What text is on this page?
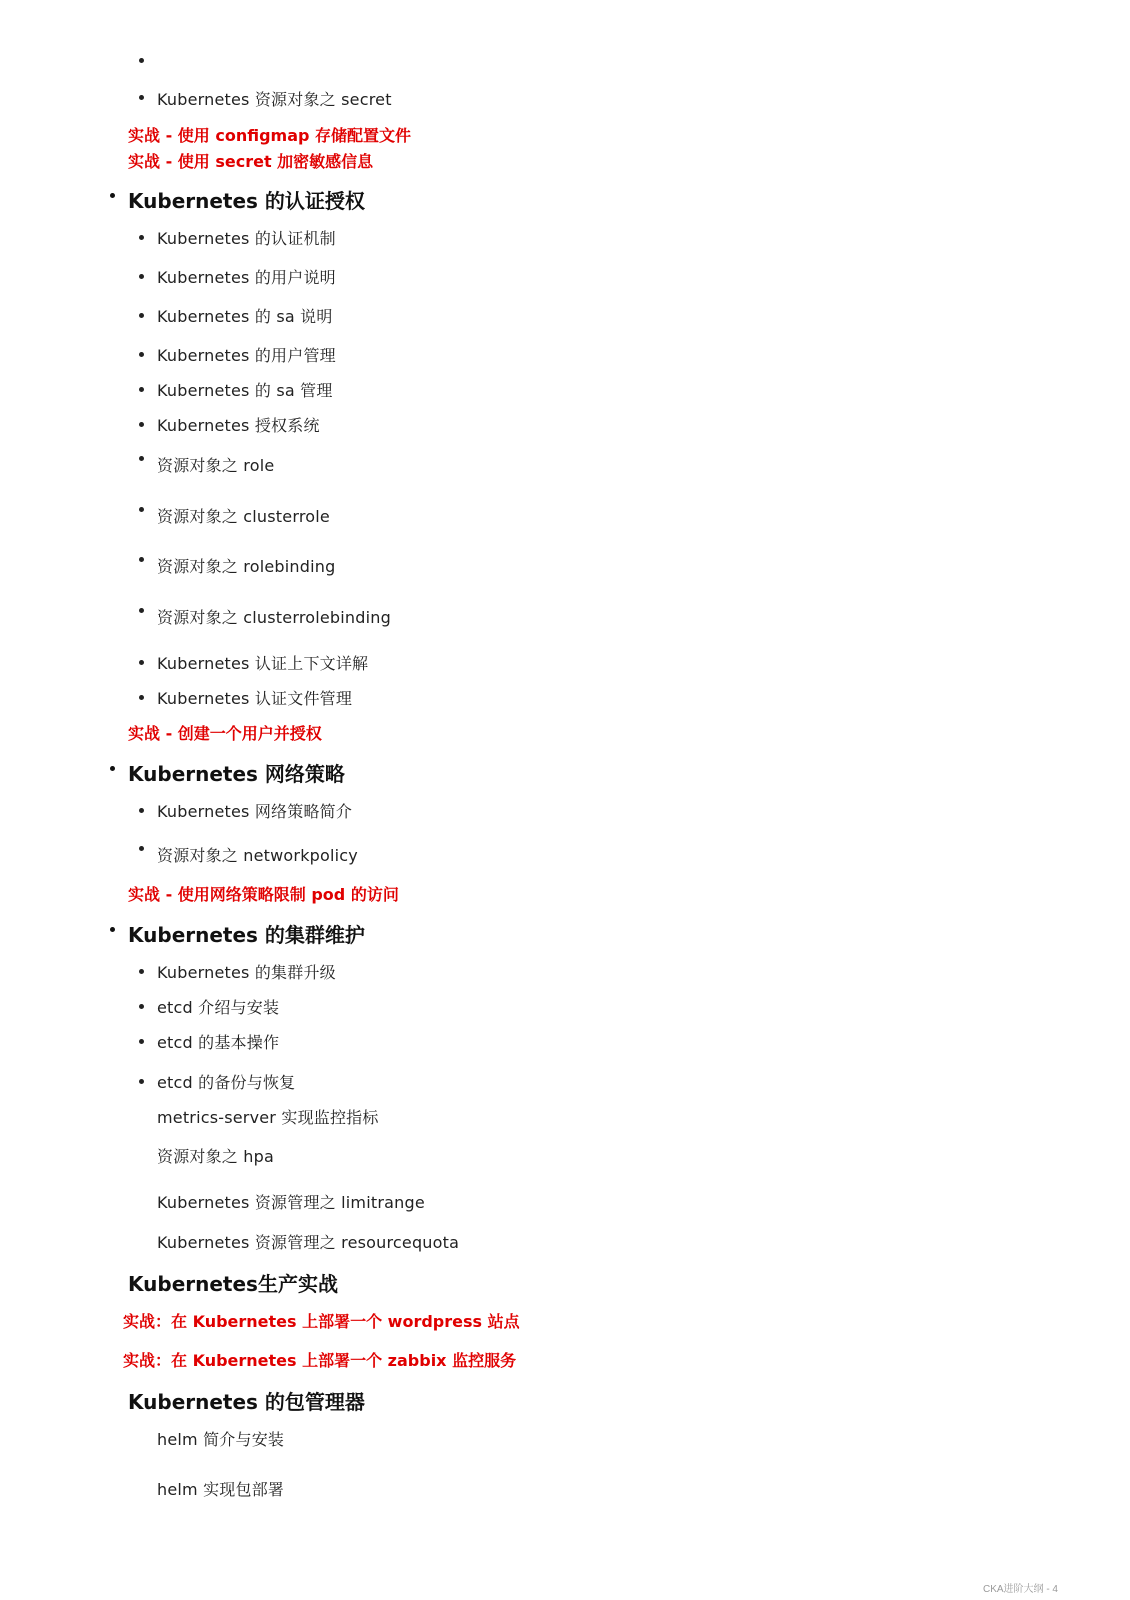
Kubernetes 资源对象之 secret
实战 - 使用 configmap 存储配置文件
实战 - 使用 secret 加密敏感信息
Kubernetes 的认证授权
Kubernetes 的认证机制
Kubernetes 的用户说明
Kubernetes 的 sa 说明
Kubernetes 的用户管理
Kubernetes 的 sa 管理
Kubernetes 授权系统
资源对象之 role
资源对象之 clusterrole
资源对象之 rolebinding
资源对象之 clusterrolebinding
Kubernetes 认证上下文详解
Kubernetes 认证文件管理
实战 - 创建一个用户并授权
Kubernetes 网络策略
Kubernetes 网络策略简介
资源对象之 networkpolicy
实战 - 使用网络策略限制 pod 的访问
Kubernetes 的集群维护
Kubernetes 的集群升级
etcd 介绍与安装
etcd 的基本操作
etcd 的备份与恢复
metrics-server 实现监控指标
资源对象之 hpa
Kubernetes 资源管理之 limitrange
Kubernetes 资源管理之 resourcequota
Kubernetes生产实战
实战：在 Kubernetes 上部署一个 wordpress 站点
实战：在 Kubernetes 上部署一个 zabbix 监控服务
Kubernetes 的包管理器
helm 简介与安装
helm 实现包部署
CKA进阶大纲 - 4
